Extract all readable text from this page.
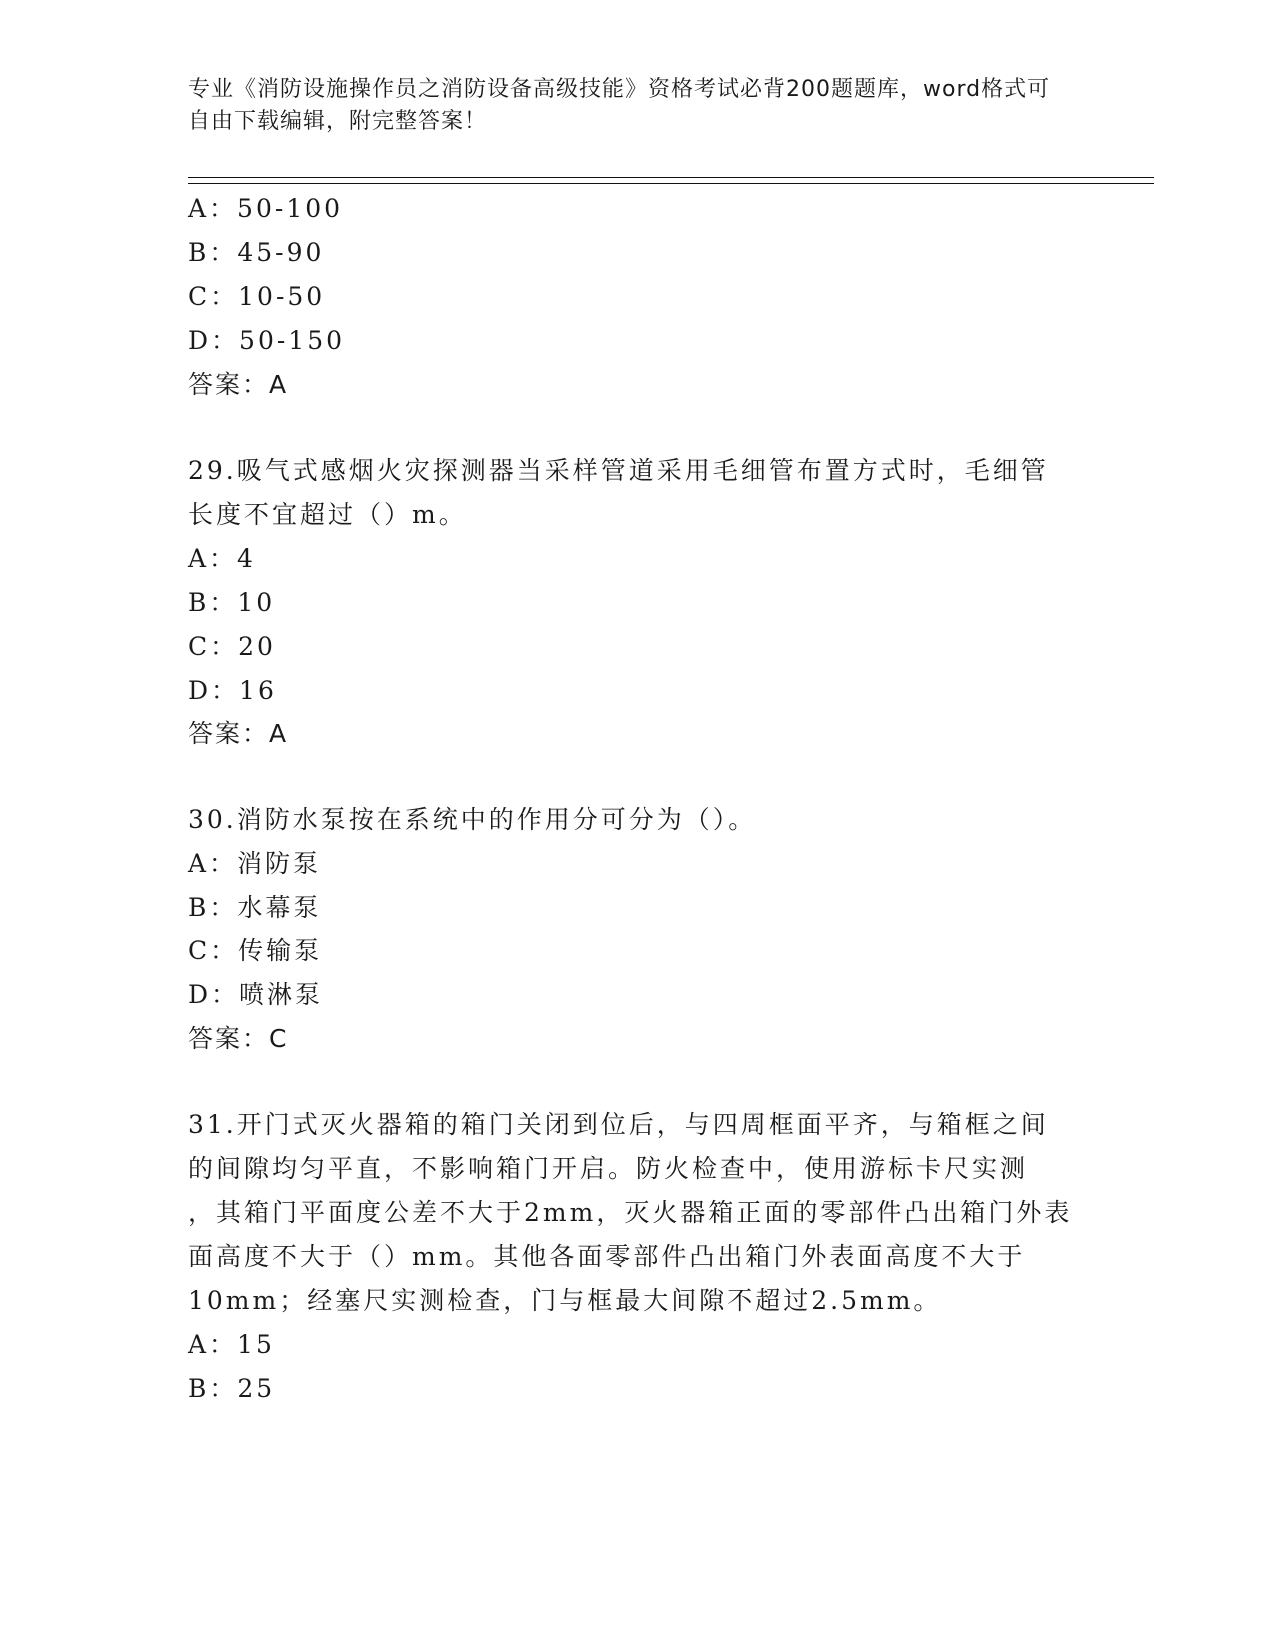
专业《消防设施操作员之消防设备高级技能》资格考试必背200题题库，word格式可自由下载编辑，附完整答案！
A：50-100
B：45-90
C：10-50
D：50-150
答案：A
29.吸气式感烟火灾探测器当采样管道采用毛细管布置方式时，毛细管
长度不宜超过（）m。
A：4
B：10
C：20
D：16
答案：A
30.消防水泵按在系统中的作用分可分为（）。
A：消防泵
B：水幕泵
C：传输泵
D：喷淋泵
答案：C
31.开门式灭火器箱的箱门关闭到位后，与四周框面平齐，与箱框之间
的间隙均匀平直，不影响箱门开启。防火检查中，使用游标卡尺实测
，其箱门平面度公差不大于2mm，灭火器箱正面的零部件凸出箱门外表
面高度不大于（）mm。其他各面零部件凸出箱门外表面高度不大于
10mm；经塞尺实测检查，门与框最大间隙不超过2.5mm。
A：15
B：25
